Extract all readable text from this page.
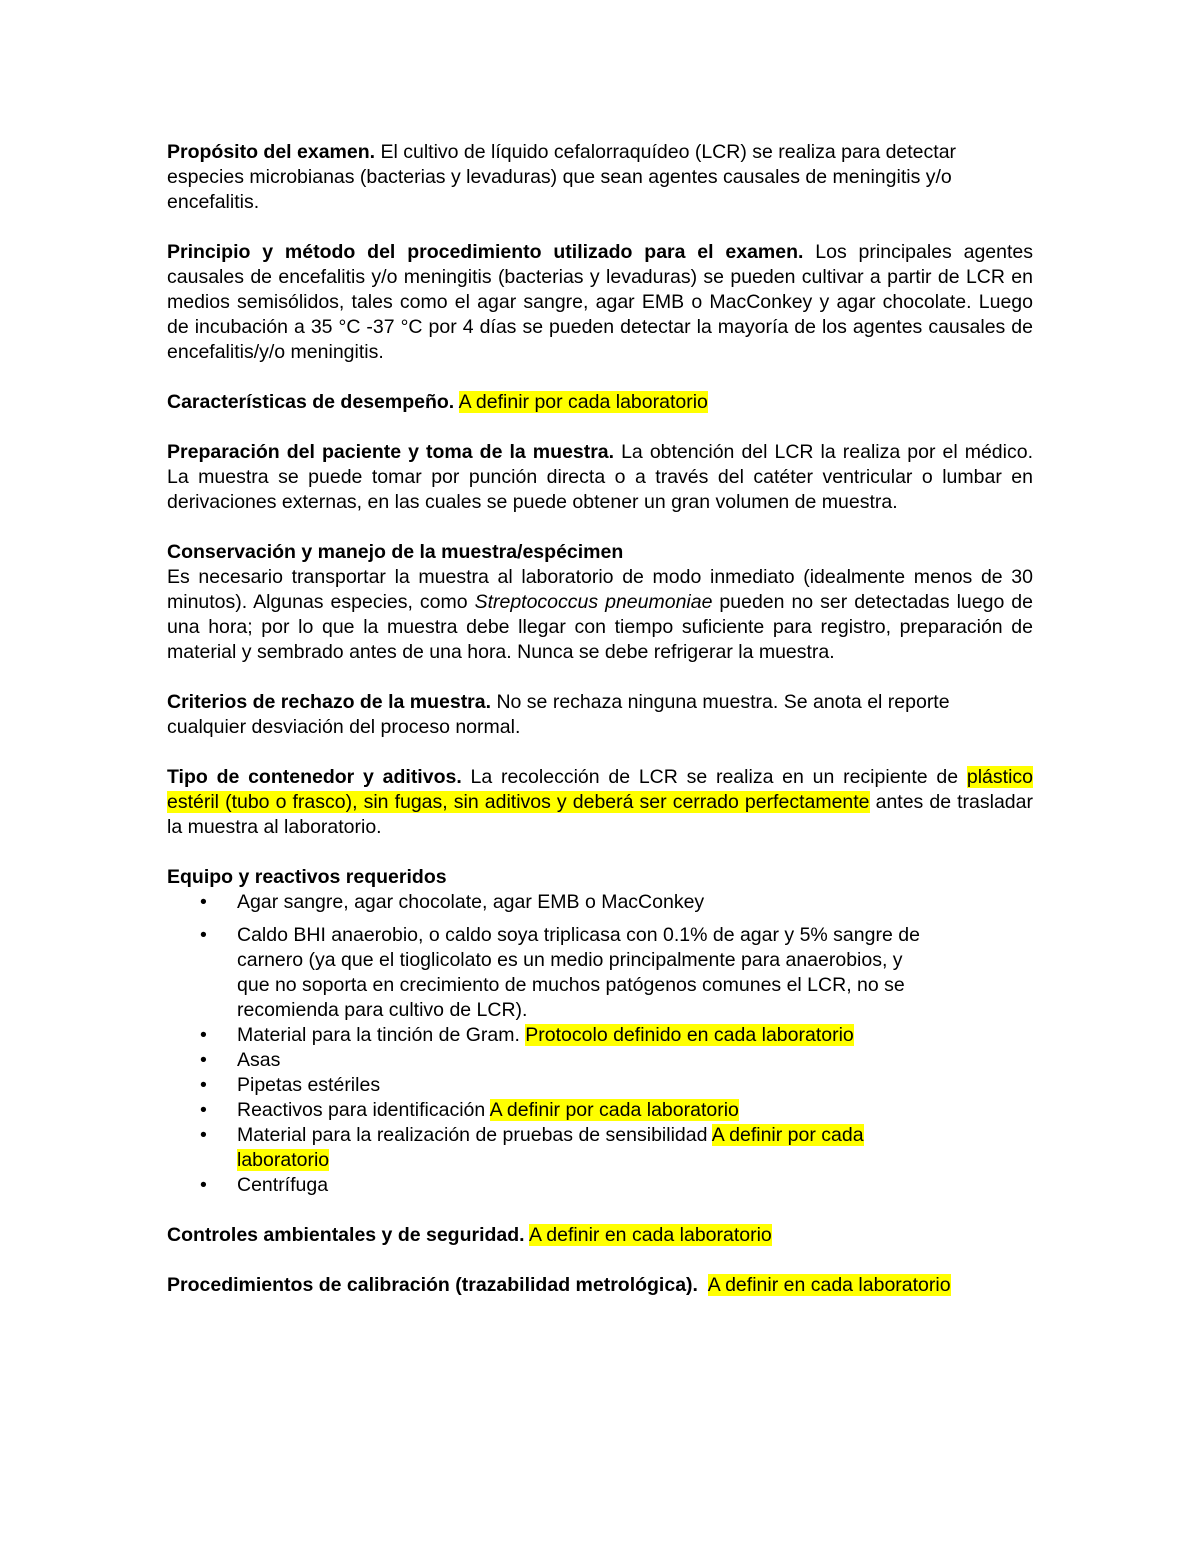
Propósito del examen. El cultivo de líquido cefalorraquídeo (LCR) se realiza para detectar especies microbianas (bacterias y levaduras) que sean agentes causales de meningitis y/o encefalitis.

Principio y método del procedimiento utilizado para el examen. Los principales agentes causales de encefalitis y/o meningitis (bacterias y levaduras) se pueden cultivar a partir de LCR en medios semisólidos, tales como el agar sangre, agar EMB o MacConkey y agar chocolate. Luego de incubación a 35 °C -37 °C por 4 días se pueden detectar la mayoría de los agentes causales de encefalitis/y/o meningitis.

Características de desempeño. A definir por cada laboratorio

Preparación del paciente y toma de la muestra. La obtención del LCR la realiza por el médico. La muestra se puede tomar por punción directa o a través del catéter ventricular o lumbar en derivaciones externas, en las cuales se puede obtener un gran volumen de muestra.

Conservación y manejo de la muestra/espécimen
Es necesario transportar la muestra al laboratorio de modo inmediato (idealmente menos de 30 minutos). Algunas especies, como Streptococcus pneumoniae pueden no ser detectadas luego de una hora; por lo que la muestra debe llegar con tiempo suficiente para registro, preparación de material y sembrado antes de una hora. Nunca se debe refrigerar la muestra.

Criterios de rechazo de la muestra. No se rechaza ninguna muestra. Se anota el reporte cualquier desviación del proceso normal.

Tipo de contenedor y aditivos. La recolección de LCR se realiza en un recipiente de plástico estéril (tubo o frasco), sin fugas, sin aditivos y deberá ser cerrado perfectamente antes de trasladar la muestra al laboratorio.

Equipo y reactivos requeridos
• Agar sangre, agar chocolate, agar EMB o MacConkey
• Caldo BHI anaerobio, o caldo soya triplicasa con 0.1% de agar y 5% sangre de carnero (ya que el tioglicolato es un medio principalmente para anaerobios, y que no soporta en crecimiento de muchos patógenos comunes el LCR, no se recomienda para cultivo de LCR).
• Material para la tinción de Gram. Protocolo definido en cada laboratorio
• Asas
• Pipetas estériles
• Reactivos para identificación A definir por cada laboratorio
• Material para la realización de pruebas de sensibilidad A definir por cada laboratorio
• Centrífuga

Controles ambientales y de seguridad. A definir en cada laboratorio

Procedimientos de calibración (trazabilidad metrológica). A definir en cada laboratorio
